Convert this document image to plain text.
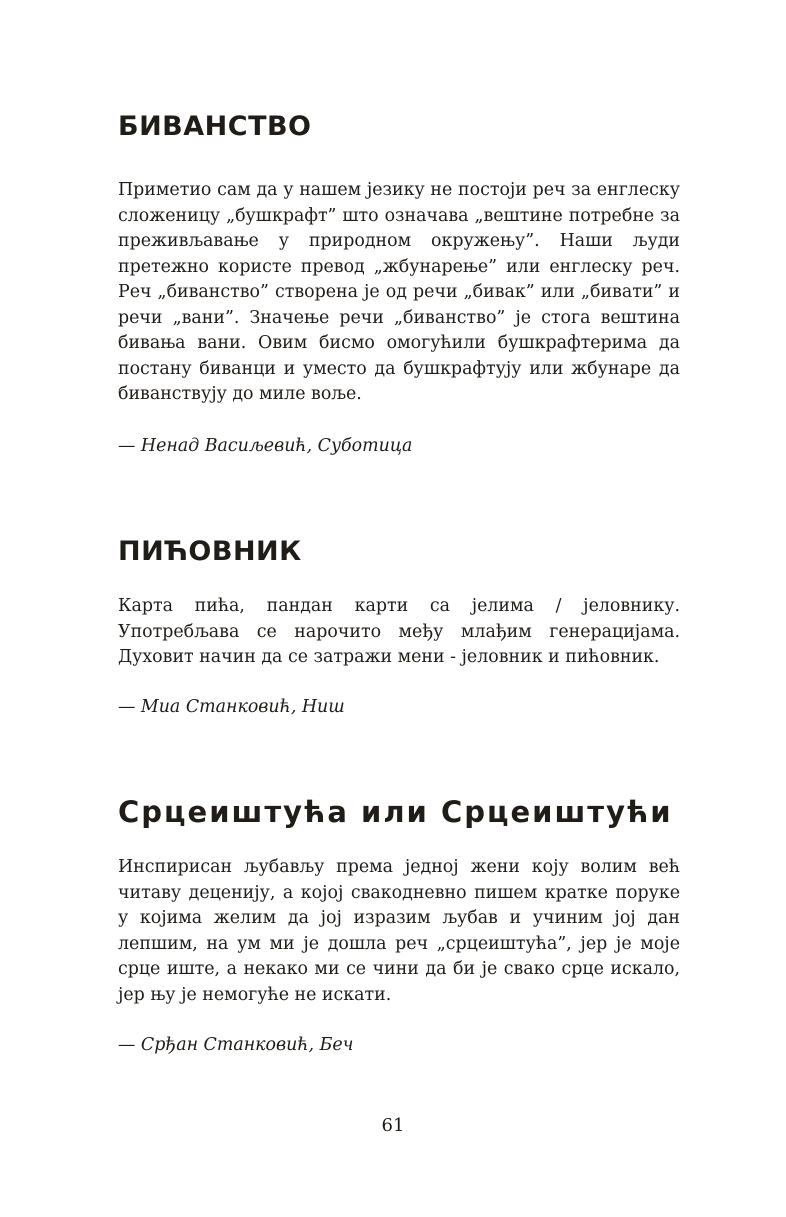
БИВАНСТВО

Приметио сам да у нашем језику не постоји реч за енглеску сложеницу „бушкрафт” што означава „вештине потребне за преживљавање у природном окружењу”. Наши људи претежно користе превод „жбунарење” или енглеску реч. Реч „биванство” створена је од речи „бивак” или „бивати” и речи „вани”. Значење речи „биванство” је стога вештина бивања вани. Овим бисмо омогућили бушкрафтерима да постану биванци и уместо да бушкрафтују или жбунаре да биванствују до миле воље.

— Ненад Васиљевић, Суботица

ПИЋОВНИК

Карта пића, пандан карти са јелима / јеловнику. Употребљава се нарочито међу млађим генерацијама. Духовит начин да се затражи мени - јеловник и пићовник.

— Миа Станковић, Ниш

Срцеиштућа или Срцеиштући

Инспирисан љубављу према једној жени коју волим већ читаву деценију, а којој свакодневно пишем кратке поруке у којима желим да јој изразим љубав и учиним јој дан лепшим, на ум ми је дошла реч „срцеиштућа”, јер је моје срце иште, а некако ми се чини да би је свако срце искало, јер њу је немогуће не искати.

— Срђан Станковић, Беч

61
